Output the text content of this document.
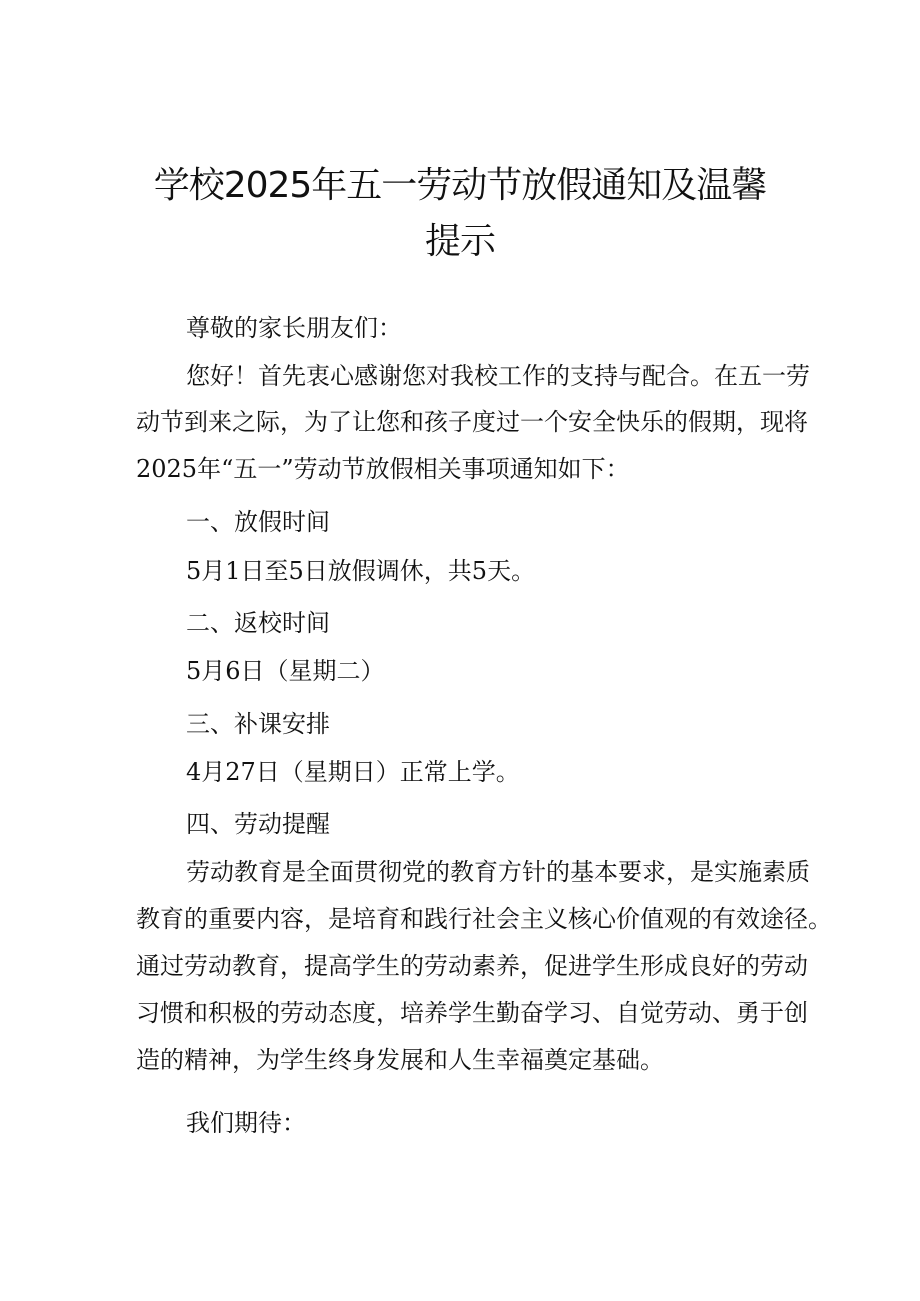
学校2025年五一劳动节放假通知及温馨提示

尊敬的家长朋友们：

您好！首先衷心感谢您对我校工作的支持与配合。在五一劳

动节到来之际，为了让您和孩子度过一个安全快乐的假期，现将

2025年“五一”劳动节放假相关事项通知如下：

一、放假时间

5月1日至5日放假调休，共5天。

二、返校时间

5月6日（星期二）

三、补课安排

4月27日（星期日）正常上学。

四、劳动提醒

劳动教育是全面贯彻党的教育方针的基本要求，是实施素质

教育的重要内容，是培育和践行社会主义核心价值观的有效途径。

通过劳动教育，提高学生的劳动素养，促进学生形成良好的劳动

习惯和积极的劳动态度，培养学生勤奋学习、自觉劳动、勇于创

造的精神，为学生终身发展和人生幸福奠定基础。

我们期待：
